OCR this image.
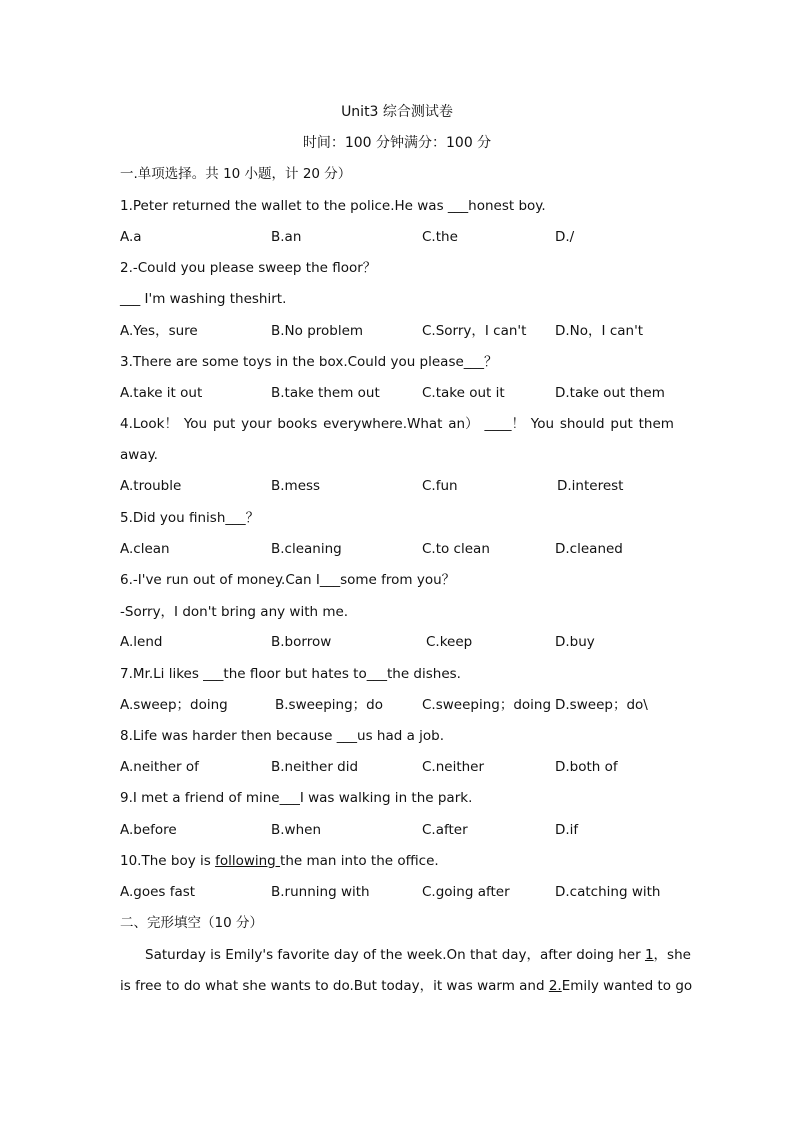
Unit3 综合测试卷
时间：100 分钟满分：100 分
一.单项选择。共 10 小题，计 20 分）
1.Peter returned the wallet to the police.He was ___honest boy.
A.a	B.an	C.the	D./
2.-Could you please sweep the floor？
___ I'm washing theshirt.
A.Yes，sure	B.No problem	C.Sorry，I can't D.No，I can't
3.There are some toys in the box.Could you please___？
A.take it out	B.take them out	C.take out it	D.take out them
4.Look！ You put your books everywhere.What an） ____！ You should put them
away.
A.trouble	B.mess	C.fun	D.interest
5.Did you finish___？
A.clean	B.cleaning	C.to clean	D.cleaned
6.-I've run out of money.Can I___some from you？
-Sorry，I don't bring any with me.
A.lend	B.borrow	C.keep	D.buy
7.Mr.Li likes ___the floor but hates to___the dishes.
A.sweep；doing	B.sweeping；do	C.sweeping；doing D.sweep；do\
8.Life was harder then because ___us had a job.
A.neither of	B.neither did	C.neither	D.both of
9.I met a friend of mine___I was walking in the park.
A.before	B.when	C.after	D.if
10.The boy is following the man into the office.
A.goes fast	B.running with	C.going after	D.catching with
二、完形填空（10 分）
Saturday is Emily's favorite day of the week.On that day，after doing her 1，she
is free to do what she wants to do.But today，it was warm and 2.Emily wanted to go
